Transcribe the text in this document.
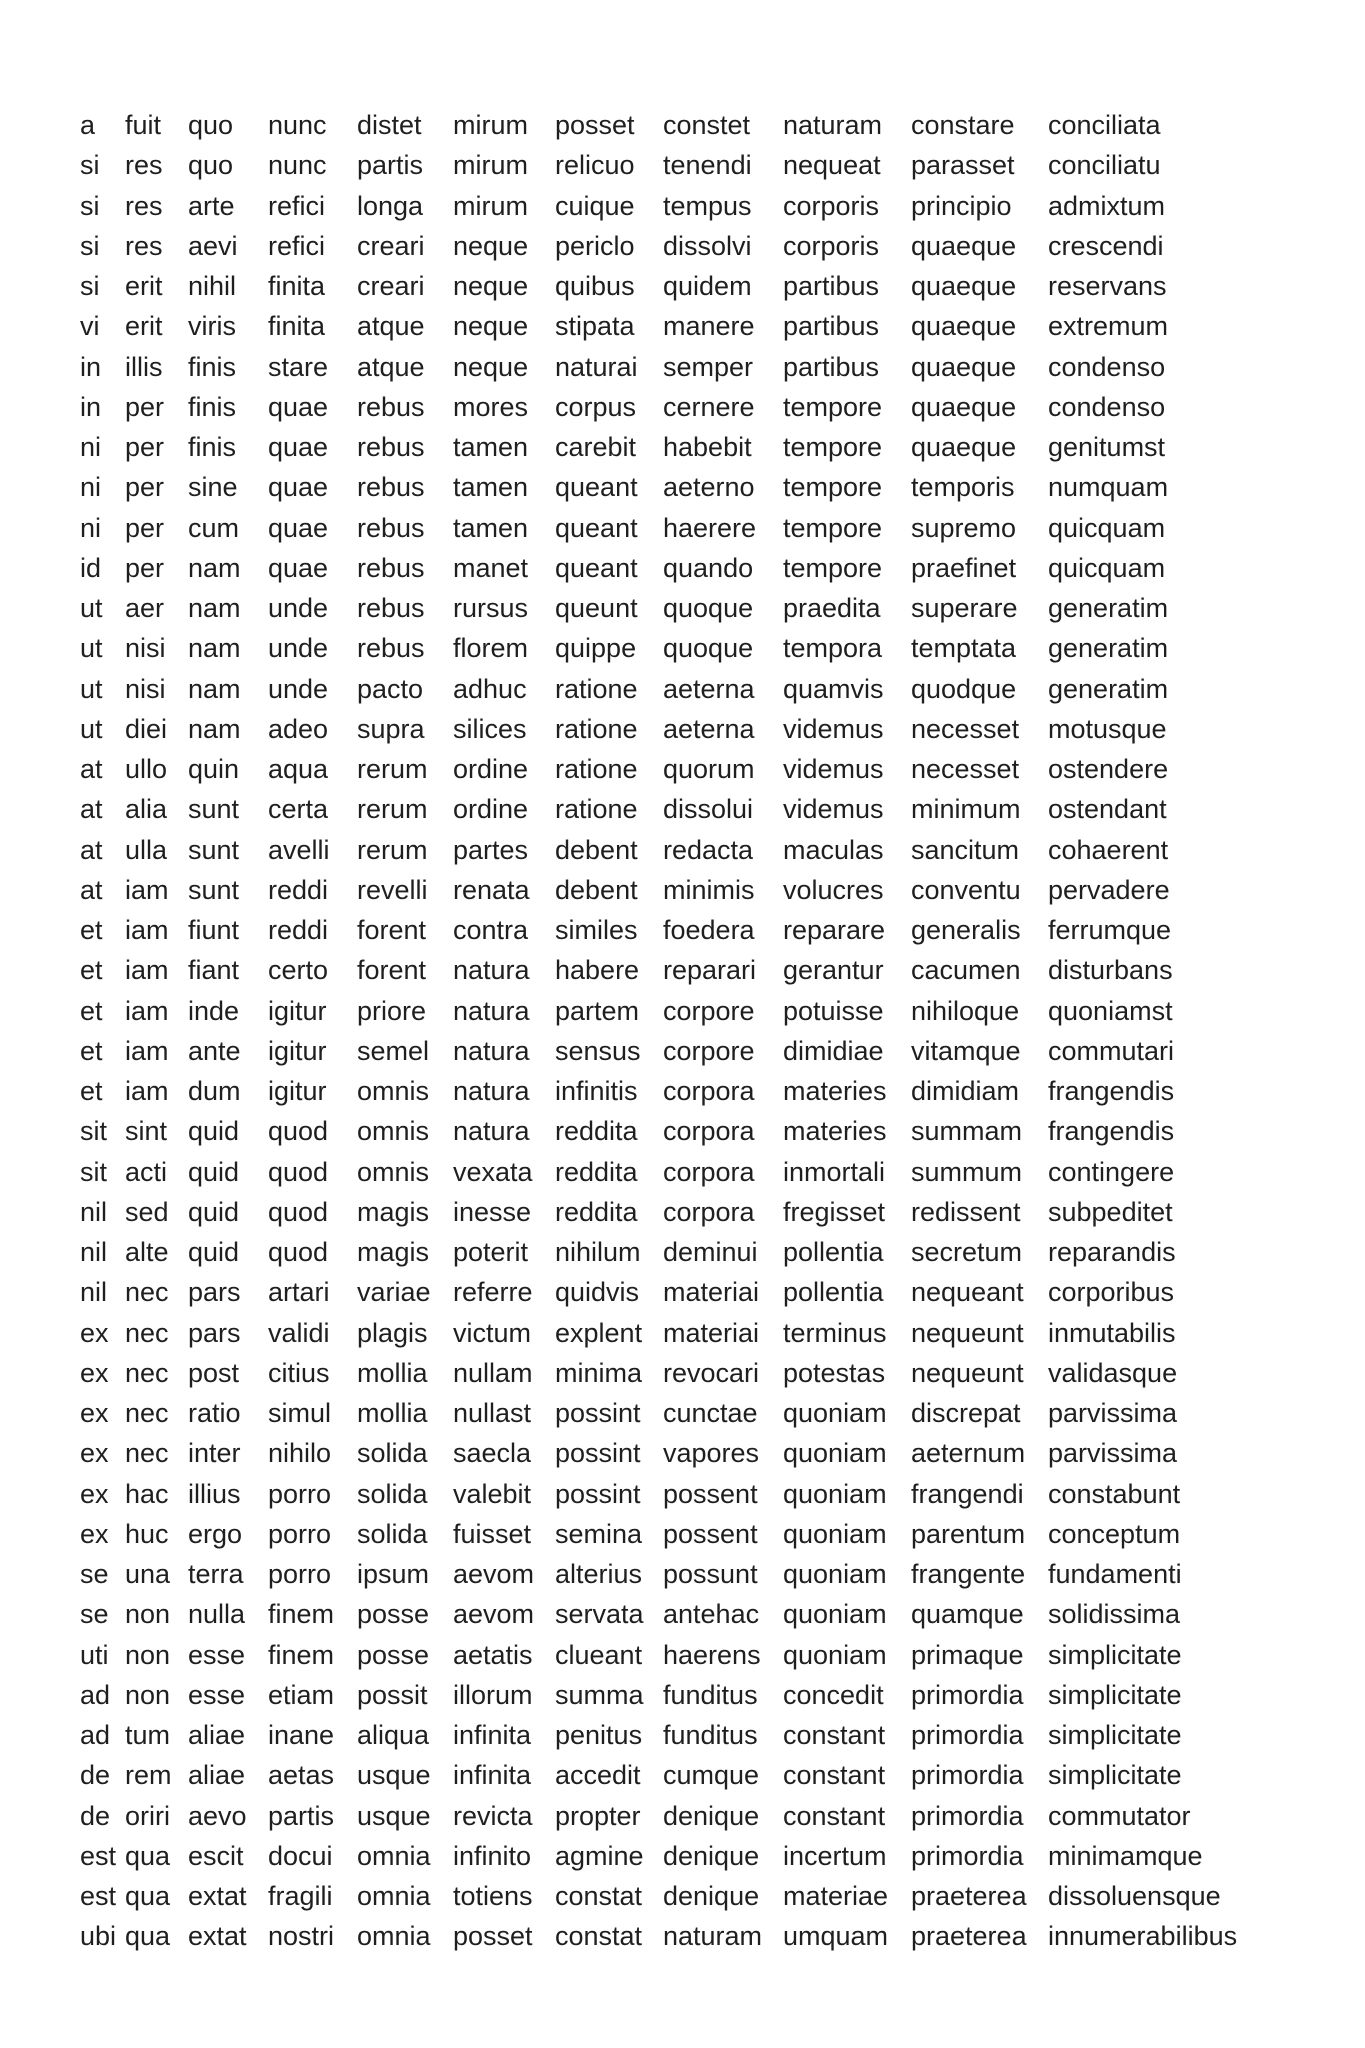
a	fuit	quo	nunc	distet	mirum	posset	constet	naturam	constare	conciliata
si	res	quo	nunc	partis	mirum	relicuo	tenendi	nequeat	parasset	conciliatu
si	res	arte	refici	longa	mirum	cuique	tempus	corporis	principio	admixtum
si	res	aevi	refici	creari	neque	periclo	dissolvi	corporis	quaeque	crescendi
si	erit	nihil	finita	creari	neque	quibus	quidem	partibus	quaeque	reservans
vi	erit	viris	finita	atque	neque	stipata	manere	partibus	quaeque	extremum
in	illis	finis	stare	atque	neque	naturai	semper	partibus	quaeque	condenso
in	per	finis	quae	rebus	mores	corpus	cernere	tempore	quaeque	condenso
ni	per	finis	quae	rebus	tamen	carebit	habebit	tempore	quaeque	genitumst
ni	per	sine	quae	rebus	tamen	queant	aeterno	tempore	temporis	numquam
ni	per	cum	quae	rebus	tamen	queant	haerere	tempore	supremo	quicquam
id	per	nam	quae	rebus	manet	queant	quando	tempore	praefinet	quicquam
ut	aer	nam	unde	rebus	rursus	queunt	quoque	praedita	superare	generatim
ut	nisi	nam	unde	rebus	florem	quippe	quoque	tempora	temptata	generatim
ut	nisi	nam	unde	pacto	adhuc	ratione	aeterna	quamvis	quodque	generatim
ut	diei	nam	adeo	supra	silices	ratione	aeterna	videmus	necesset	motusque
at	ullo	quin	aqua	rerum	ordine	ratione	quorum	videmus	necesset	ostendere
at	alia	sunt	certa	rerum	ordine	ratione	dissolui	videmus	minimum	ostendant
at	ulla	sunt	avelli	rerum	partes	debent	redacta	maculas	sancitum	cohaerent
at	iam	sunt	reddi	revelli	renata	debent	minimis	volucres	conventu	pervadere
et	iam	fiunt	reddi	forent	contra	similes	foedera	reparare	generalis	ferrumque
et	iam	fiant	certo	forent	natura	habere	reparari	gerantur	cacumen	disturbans
et	iam	inde	igitur	priore	natura	partem	corpore	potuisse	nihiloque	quoniamst
et	iam	ante	igitur	semel	natura	sensus	corpore	dimidiae	vitamque	commutari
et	iam	dum	igitur	omnis	natura	infinitis	corpora	materies	dimidiam	frangendis
sit	sint	quid	quod	omnis	natura	reddita	corpora	materies	summam	frangendis
sit	acti	quid	quod	omnis	vexata	reddita	corpora	inmortali	summum	contingere
nil	sed	quid	quod	magis	inesse	reddita	corpora	fregisset	redissent	subpeditet
nil	alte	quid	quod	magis	poterit	nihilum	deminui	pollentia	secretum	reparandis
nil	nec	pars	artari	variae	referre	quidvis	materiai	pollentia	nequeant	corporibus
ex	nec	pars	validi	plagis	victum	explent	materiai	terminus	nequeunt	inmutabilis
ex	nec	post	citius	mollia	nullam	minima	revocari	potestas	nequeunt	validasque
ex	nec	ratio	simul	mollia	nullast	possint	cunctae	quoniam	discrepat	parvissima
ex	nec	inter	nihilo	solida	saecla	possint	vapores	quoniam	aeternum	parvissima
ex	hac	illius	porro	solida	valebit	possint	possent	quoniam	frangendi	constabunt
ex	huc	ergo	porro	solida	fuisset	semina	possent	quoniam	parentum	conceptum
se	una	terra	porro	ipsum	aevom	alterius	possunt	quoniam	frangente	fundamenti
se	non	nulla	finem	posse	aevom	servata	antehac	quoniam	quamque	solidissima
uti	non	esse	finem	posse	aetatis	clueant	haerens	quoniam	primaque	simplicitate
ad	non	esse	etiam	possit	illorum	summa	funditus	concedit	primordia	simplicitate
ad	tum	aliae	inane	aliqua	infinita	penitus	funditus	constant	primordia	simplicitate
de	rem	aliae	aetas	usque	infinita	accedit	cumque	constant	primordia	simplicitate
de	oriri	aevo	partis	usque	revicta	propter	denique	constant	primordia	commutator
est	qua	escit	docui	omnia	infinito	agmine	denique	incertum	primordia	minimamque
est	qua	extat	fragili	omnia	totiens	constat	denique	materiae	praeterea	dissoluensque
ubi	qua	extat	nostri	omnia	posset	constat	naturam	umquam	praeterea	innumerabilibus
